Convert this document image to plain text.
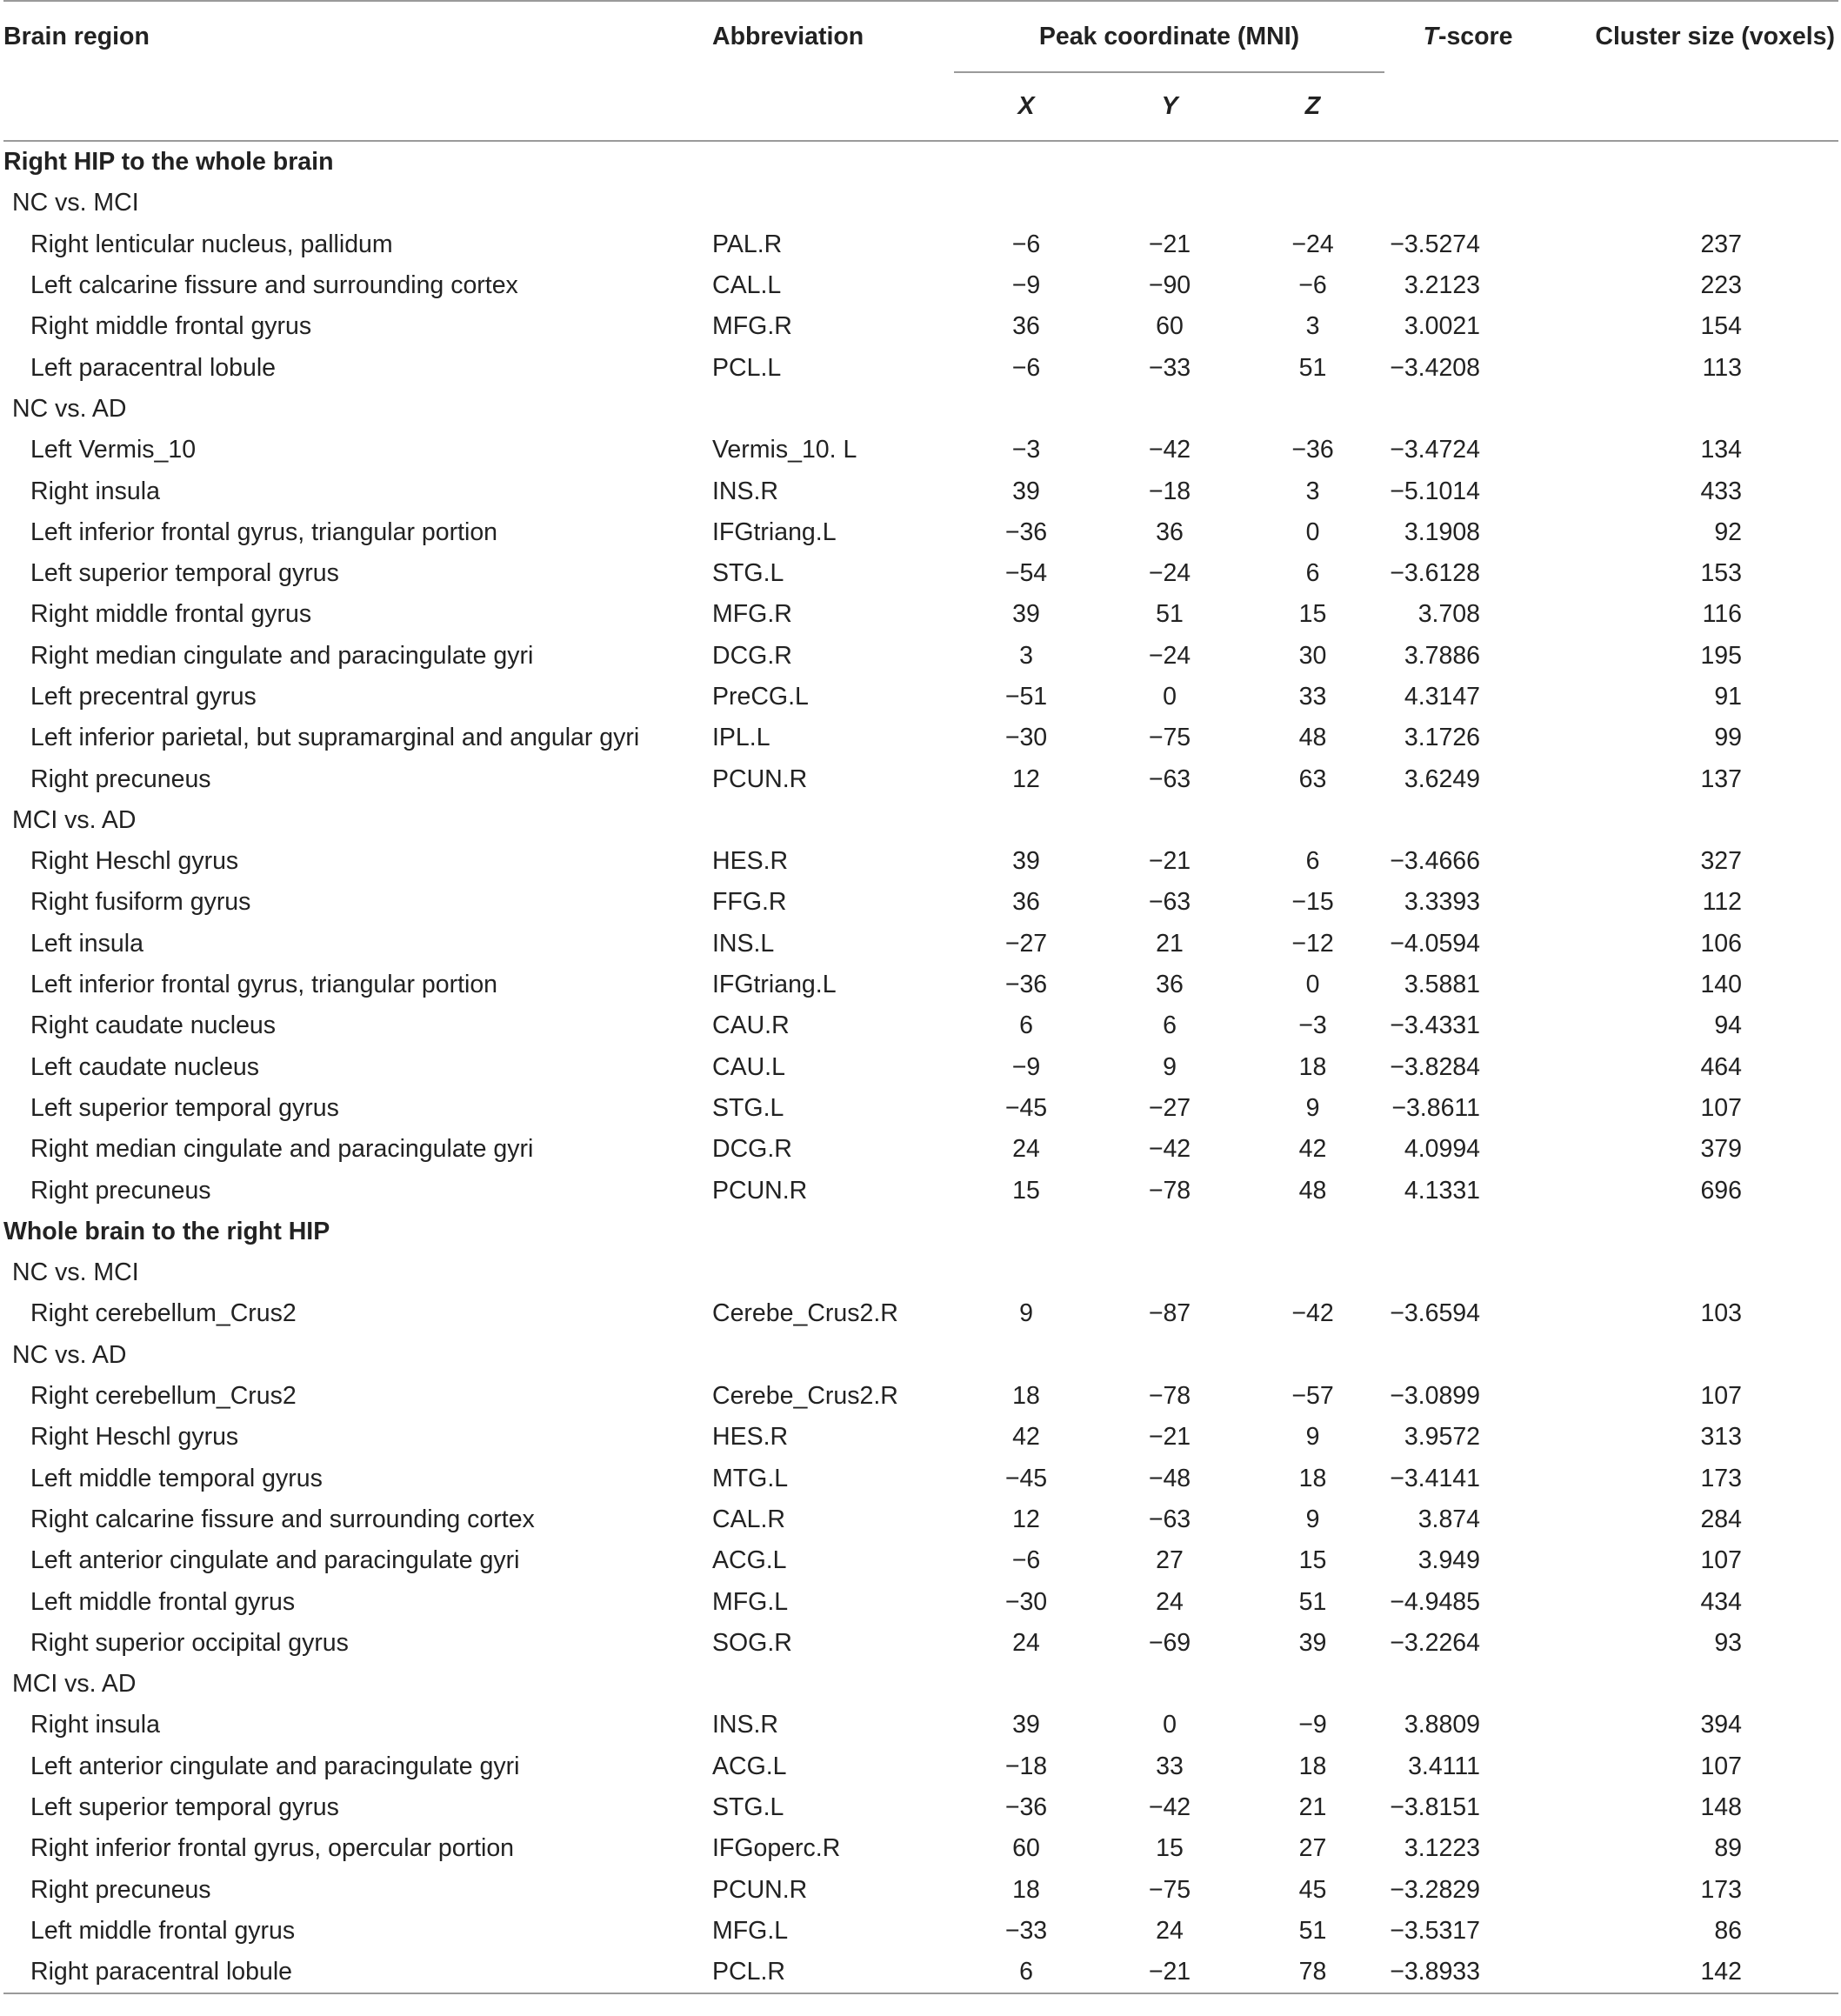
Brain region	Abbreviation	Peak coordinate (MNI)			T-score	Cluster size (voxels)
		X	Y	Z		
Right HIP to the whole brain						
NC vs. MCI						
Right lenticular nucleus, pallidum	PAL.R	−6	−21	−24	−3.5274	237
Left calcarine fissure and surrounding cortex	CAL.L	−9	−90	−6	3.2123	223
Right middle frontal gyrus	MFG.R	36	60	3	3.0021	154
Left paracentral lobule	PCL.L	−6	−33	51	−3.4208	113
NC vs. AD						
Left Vermis_10	Vermis_10. L	−3	−42	−36	−3.4724	134
Right insula	INS.R	39	−18	3	−5.1014	433
Left inferior frontal gyrus, triangular portion	IFGtriang.L	−36	36	0	3.1908	92
Left superior temporal gyrus	STG.L	−54	−24	6	−3.6128	153
Right middle frontal gyrus	MFG.R	39	51	15	3.708	116
Right median cingulate and paracingulate gyri	DCG.R	3	−24	30	3.7886	195
Left precentral gyrus	PreCG.L	−51	0	33	4.3147	91
Left inferior parietal, but supramarginal and angular gyri	IPL.L	−30	−75	48	3.1726	99
Right precuneus	PCUN.R	12	−63	63	3.6249	137
MCI vs. AD						
Right Heschl gyrus	HES.R	39	−21	6	−3.4666	327
Right fusiform gyrus	FFG.R	36	−63	−15	3.3393	112
Left insula	INS.L	−27	21	−12	−4.0594	106
Left inferior frontal gyrus, triangular portion	IFGtriang.L	−36	36	0	3.5881	140
Right caudate nucleus	CAU.R	6	6	−3	−3.4331	94
Left caudate nucleus	CAU.L	−9	9	18	−3.8284	464
Left superior temporal gyrus	STG.L	−45	−27	9	−3.8611	107
Right median cingulate and paracingulate gyri	DCG.R	24	−42	42	4.0994	379
Right precuneus	PCUN.R	15	−78	48	4.1331	696
Whole brain to the right HIP						
NC vs. MCI						
Right cerebellum_Crus2	Cerebe_Crus2.R	9	−87	−42	−3.6594	103
NC vs. AD						
Right cerebellum_Crus2	Cerebe_Crus2.R	18	−78	−57	−3.0899	107
Right Heschl gyrus	HES.R	42	−21	9	3.9572	313
Left middle temporal gyrus	MTG.L	−45	−48	18	−3.4141	173
Right calcarine fissure and surrounding cortex	CAL.R	12	−63	9	3.874	284
Left anterior cingulate and paracingulate gyri	ACG.L	−6	27	15	3.949	107
Left middle frontal gyrus	MFG.L	−30	24	51	−4.9485	434
Right superior occipital gyrus	SOG.R	24	−69	39	−3.2264	93
MCI vs. AD						
Right insula	INS.R	39	0	−9	3.8809	394
Left anterior cingulate and paracingulate gyri	ACG.L	−18	33	18	3.4111	107
Left superior temporal gyrus	STG.L	−36	−42	21	−3.8151	148
Right inferior frontal gyrus, opercular portion	IFGoperc.R	60	15	27	3.1223	89
Right precuneus	PCUN.R	18	−75	45	−3.2829	173
Left middle frontal gyrus	MFG.L	−33	24	51	−3.5317	86
Right paracentral lobule	PCL.R	6	−21	78	−3.8933	142
